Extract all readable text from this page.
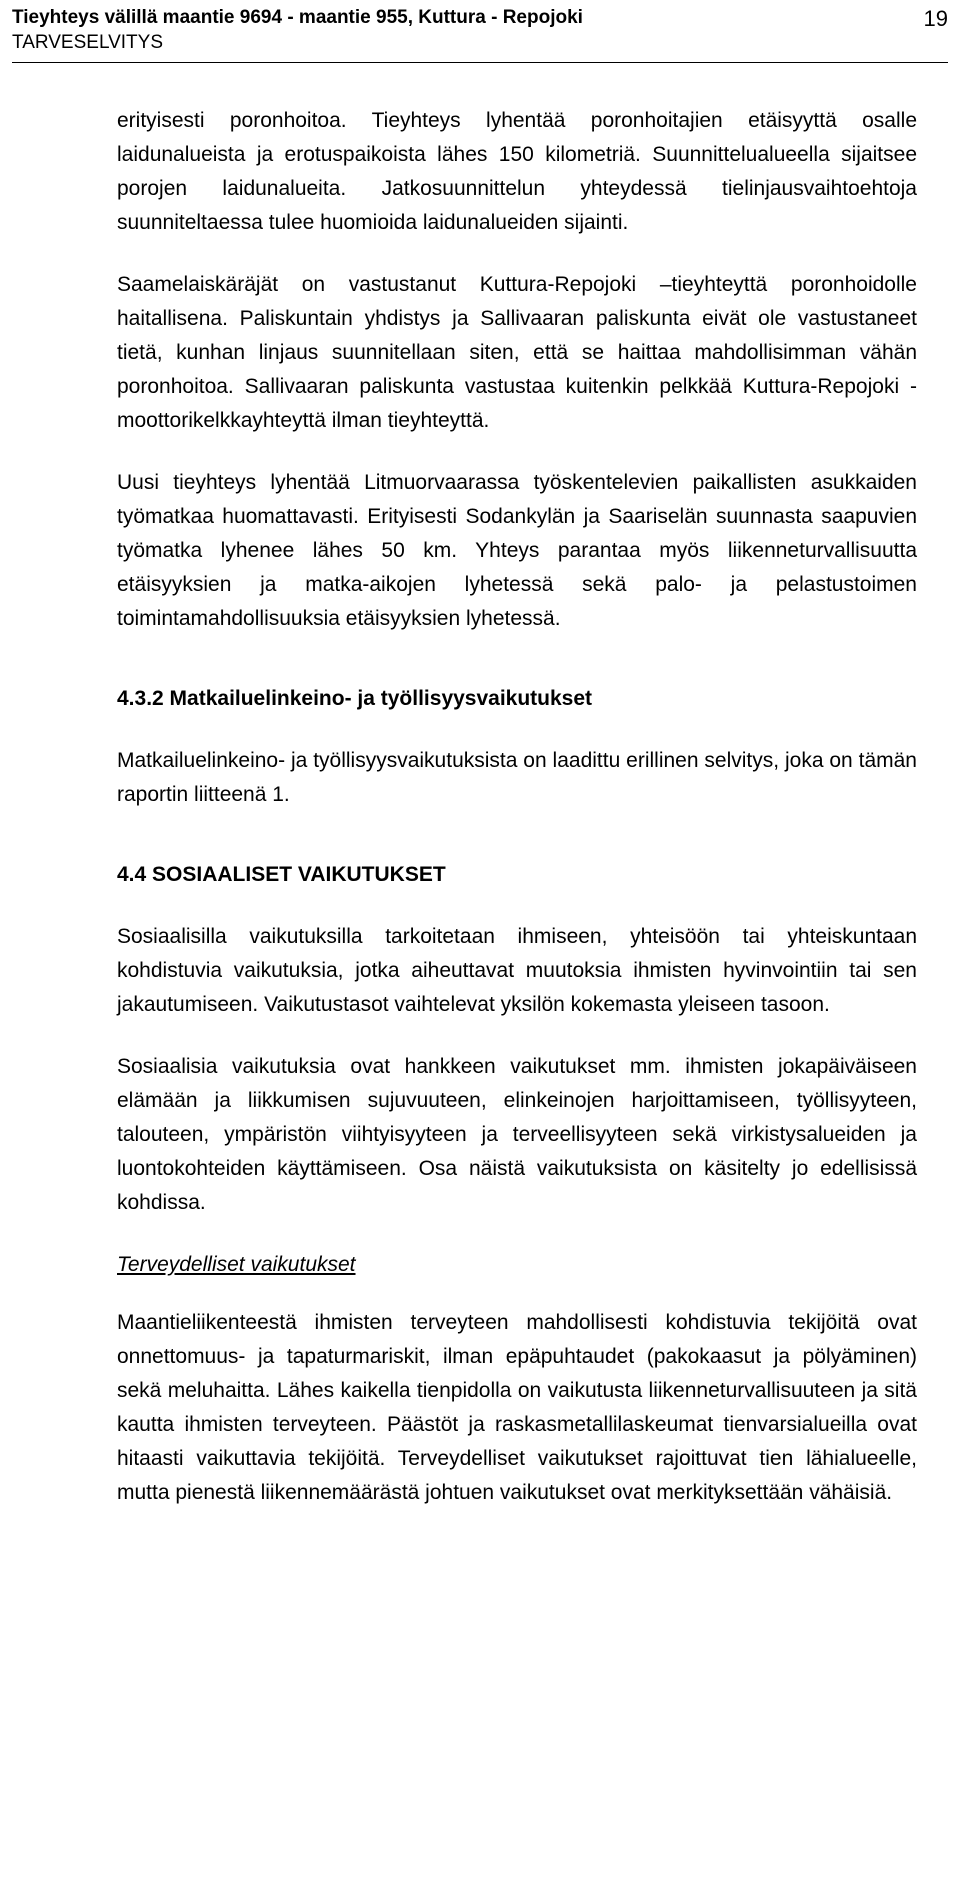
Tieyhteys välillä maantie 9694 - maantie 955, Kuttura - Repojoki
TARVESELVITYS
19

erityisesti poronhoitoa. Tieyhteys lyhentää poronhoitajien etäisyyttä osalle laidunalueista ja erotuspaikoista lähes 150 kilometriä. Suunnittelualueella sijaitsee porojen laidunalueita. Jatkosuunnittelun yhteydessä tielinjausvaihtoehtoja suunniteltaessa tulee huomioida laidunalueiden sijainti.

Saamelaiskäräjät on vastustanut Kuttura-Repojoki –tieyhteyttä poronhoidolle haitallisena. Paliskuntain yhdistys ja Sallivaaran paliskunta eivät ole vastustaneet tietä, kunhan linjaus suunnitellaan siten, että se haittaa mahdollisimman vähän poronhoitoa. Sallivaaran paliskunta vastustaa kuitenkin pelkkää Kuttura-Repojoki -moottorikelkkayhteyttä ilman tieyhteyttä.

Uusi tieyhteys lyhentää Litmuorvaarassa työskentelevien paikallisten asukkaiden työmatkaa huomattavasti. Erityisesti Sodankylän ja Saariselän suunnasta saapuvien työmatka lyhenee lähes 50 km. Yhteys parantaa myös liikenneturvallisuutta etäisyyksien ja matka-aikojen lyhetessä sekä palo- ja pelastustoimen toimintamahdollisuuksia etäisyyksien lyhetessä.

4.3.2 Matkailuelinkeino- ja työllisyysvaikutukset

Matkailuelinkeino- ja työllisyysvaikutuksista on laadittu erillinen selvitys, joka on tämän raportin liitteenä 1.

4.4 SOSIAALISET VAIKUTUKSET

Sosiaalisilla vaikutuksilla tarkoitetaan ihmiseen, yhteisöön tai yhteiskuntaan kohdistuvia vaikutuksia, jotka aiheuttavat muutoksia ihmisten hyvinvointiin tai sen jakautumiseen. Vaikutustasot vaihtelevat yksilön kokemasta yleiseen tasoon.

Sosiaalisia vaikutuksia ovat hankkeen vaikutukset mm. ihmisten jokapäiväiseen elämään ja liikkumisen sujuvuuteen, elinkeinojen harjoittamiseen, työllisyyteen, talouteen, ympäristön viihtyisyyteen ja terveellisyyteen sekä virkistysalueiden ja luontokohteiden käyttämiseen. Osa näistä vaikutuksista on käsitelty jo edellisissä kohdissa.

Terveydelliset vaikutukset

Maantieliikenteestä ihmisten terveyteen mahdollisesti kohdistuvia tekijöitä ovat onnettomuus- ja tapaturmariskit, ilman epäpuhtaudet (pakokaasut ja pölyäminen) sekä meluhaitta. Lähes kaikella tienpidolla on vaikutusta liikenneturvallisuuteen ja sitä kautta ihmisten terveyteen. Päästöt ja raskasmetallilaskeumat tienvarsialueilla ovat hitaasti vaikuttavia tekijöitä. Terveydelliset vaikutukset rajoittuvat tien lähialueelle, mutta pienestä liikennemäärästä johtuen vaikutukset ovat merkityksettään vähäisiä.
